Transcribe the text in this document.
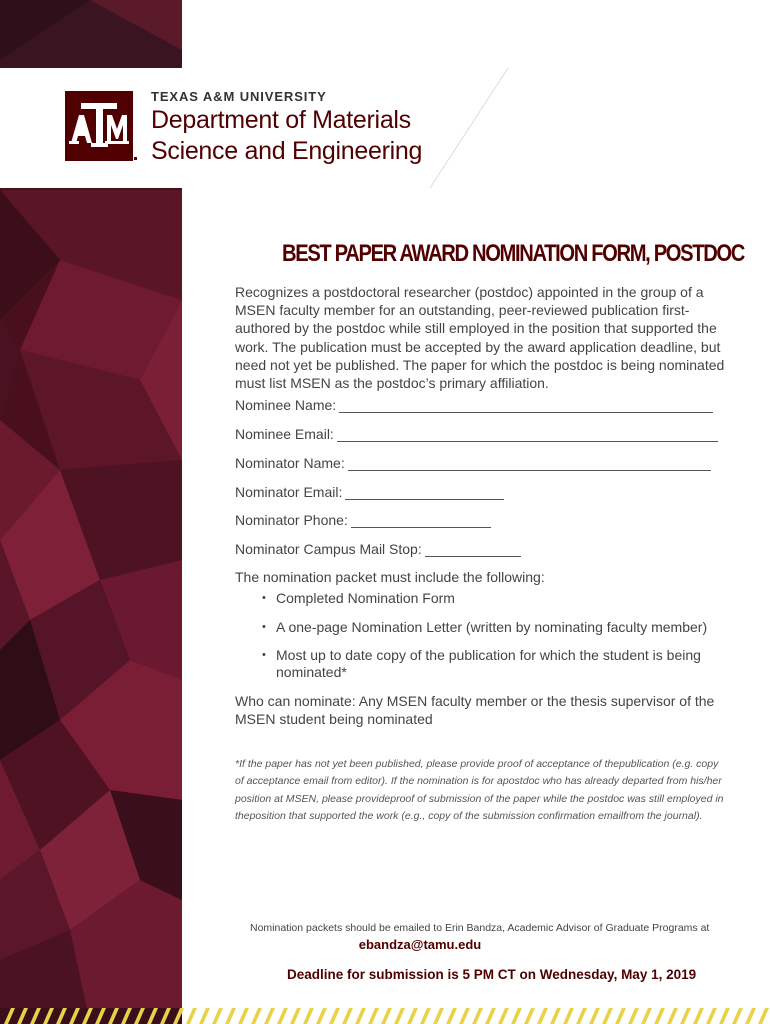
TEXAS A&M UNIVERSITY
Department of Materials
Science and Engineering
BEST PAPER AWARD NOMINATION FORM, POSTDOC

Recognizes a postdoctoral researcher (postdoc) appointed in the group of a MSEN faculty member for an outstanding, peer-reviewed publication first-authored by the postdoc while still employed in the position that supported the work. The publication must be accepted by the award application deadline, but need not yet be published. The paper for which the postdoc is being nominated must list MSEN as the postdoc’s primary affiliation.

Nominee Name:
Nominee Email:
Nominator Name:
Nominator Email:
Nominator Phone:
Nominator Campus Mail Stop:
The nomination packet must include the following:
• Completed Nomination Form
• A one-page Nomination Letter (written by nominating faculty member)
• Most up to date copy of the publication for which the student is being nominated*

Who can nominate: Any MSEN faculty member or the thesis supervisor of the MSEN student being nominated

*If the paper has not yet been published, please provide proof of acceptance of thepublication (e.g. copy of acceptance email from editor). If the nomination is for apostdoc who has already departed from his/her position at MSEN, please provideproof of submission of the paper while the postdoc was still employed in theposition that supported the work (e.g., copy of the submission confirmation emailfrom the journal).

Nomination packets should be emailed to Erin Bandza, Academic Advisor of Graduate Programs at
ebandza@tamu.edu
Deadline for submission is 5 PM CT on Wednesday, May 1, 2019
